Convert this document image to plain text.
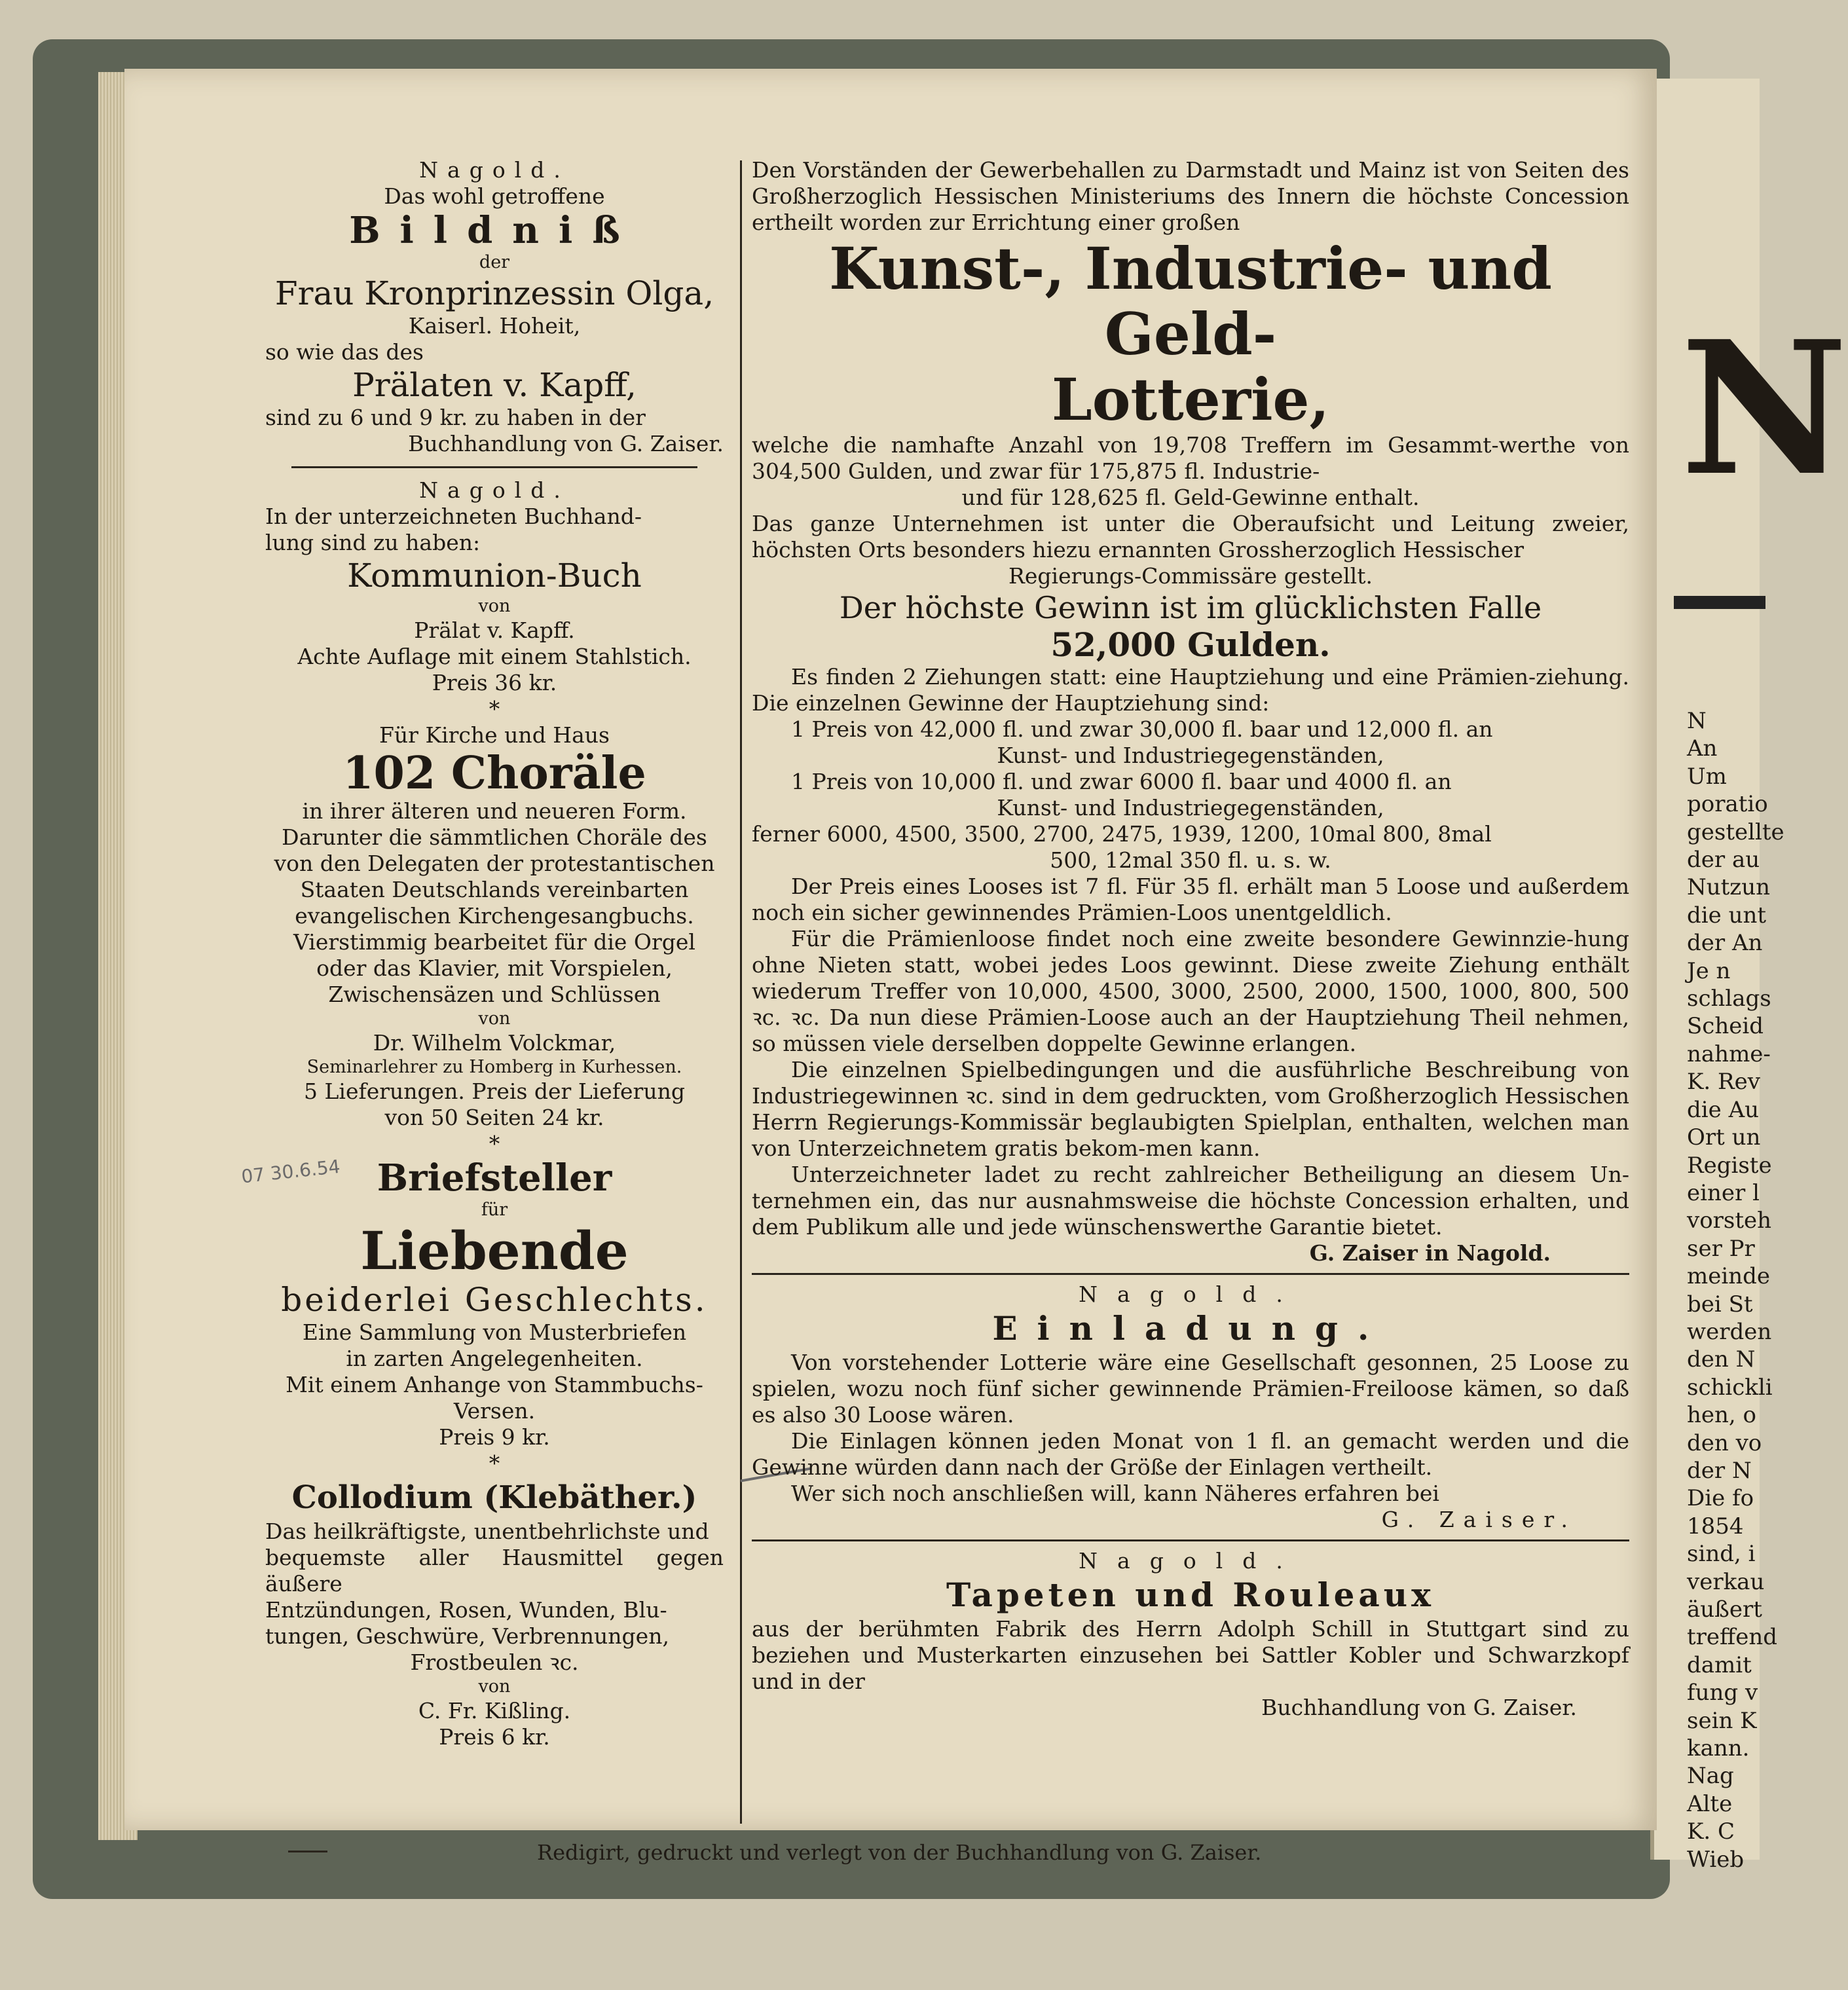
N
N
An
Um
poratio
gestellte
der au
Nutzun
die unt
der An
Je n
schlags
Scheid
nahme-
K. Rev
die Au
Ort un
Registe
einer l
vorsteh
ser Pr
meinde
bei St
werden
den N
schickli
hen, o
den vo
der N
Die fo
1854
sind, i
verkau
äußert
treffend
damit
fung v
sein K
kann.
Nag
Alte
K. C
Wieb

Nagold.

Das wohl getroffene

Bildniß

der

Frau Kronprinzessin Olga,

Kaiserl. Hoheit,

so wie das des

Prälaten v. Kapff,

sind zu 6 und 9 kr. zu haben in der

Buchhandlung von G. Zaiser.

Nagold.

In der unterzeichneten Buchhand-

lung sind zu haben:

Kommunion-Buch

von

Prälat v. Kapff.

Achte Auflage mit einem Stahlstich.

Preis 36 kr.

*

Für Kirche und Haus

102 Choräle

in ihrer älteren und neueren Form.

Darunter die sämmtlichen Choräle des

von den Delegaten der protestantischen

Staaten Deutschlands vereinbarten

evangelischen Kirchengesangbuchs.

Vierstimmig bearbeitet für die Orgel

oder das Klavier, mit Vorspielen,

Zwischensäzen und Schlüssen

von

Dr. Wilhelm Volckmar,

Seminarlehrer zu Homberg in Kurhessen.

5 Lieferungen. Preis der Lieferung

von 50 Seiten 24 kr.

*

Briefsteller

für

Liebende

beiderlei Geschlechts.

Eine Sammlung von Musterbriefen

in zarten Angelegenheiten.

Mit einem Anhange von Stammbuchs-

Versen.

Preis 9 kr.

*

Collodium (Klebäther.)

Das heilkräftigste, unentbehrlichste und

bequemste aller Hausmittel gegen äußere

Entzündungen, Rosen, Wunden, Blu-

tungen, Geschwüre, Verbrennungen,

Frostbeulen ꝛc.

von

C. Fr. Kißling.

Preis 6 kr.

07 30.6.54

Den Vorständen der Gewerbehallen zu Darmstadt und Mainz ist von Seiten des Großherzoglich Hessischen Ministeriums des Innern die höchste Concession ertheilt worden zur Errichtung einer großen

Kunst-, Industrie- und Geld-

Lotterie,

welche die namhafte Anzahl von 19,708 Treffern im Gesammt-werthe von 304,500 Gulden, und zwar für 175,875 fl. Industrie-

und für 128,625 fl. Geld-Gewinne enthalt.

Das ganze Unternehmen ist unter die Oberaufsicht und Leitung zweier, höchsten Orts besonders hiezu ernannten Grossherzoglich Hessischer

Regierungs-Commissäre gestellt.

Der höchste Gewinn ist im glücklichsten Falle

52,000 Gulden.

Es finden 2 Ziehungen statt: eine Hauptziehung und eine Prämien-ziehung. Die einzelnen Gewinne der Hauptziehung sind:

1 Preis von 42,000 fl. und zwar 30,000 fl. baar und 12,000 fl. an

Kunst- und Industriegegenständen,

1 Preis von 10,000 fl. und zwar 6000 fl. baar und 4000 fl. an

Kunst- und Industriegegenständen,

ferner 6000, 4500, 3500, 2700, 2475, 1939, 1200, 10mal 800, 8mal

500, 12mal 350 fl. u. s. w.

Der Preis eines Looses ist 7 fl. Für 35 fl. erhält man 5 Loose und außerdem noch ein sicher gewinnendes Prämien-Loos unentgeldlich.

Für die Prämienloose findet noch eine zweite besondere Gewinnzie-hung ohne Nieten statt, wobei jedes Loos gewinnt. Diese zweite Ziehung enthält wiederum Treffer von 10,000, 4500, 3000, 2500, 2000, 1500, 1000, 800, 500 ꝛc. ꝛc. Da nun diese Prämien-Loose auch an der Hauptziehung Theil nehmen, so müssen viele derselben doppelte Gewinne erlangen.

Die einzelnen Spielbedingungen und die ausführliche Beschreibung von Industriegewinnen ꝛc. sind in dem gedruckten, vom Großherzoglich Hessischen Herrn Regierungs-Kommissär beglaubigten Spielplan, enthalten, welchen man von Unterzeichnetem gratis bekom-men kann.

Unterzeichneter ladet zu recht zahlreicher Betheiligung an diesem Un-ternehmen ein, das nur ausnahmsweise die höchste Concession erhalten, und dem Publikum alle und jede wünschenswerthe Garantie bietet.

G. Zaiser in Nagold.

Nagold.

Einladung.

Von vorstehender Lotterie wäre eine Gesellschaft gesonnen, 25 Loose zu spielen, wozu noch fünf sicher gewinnende Prämien-Freiloose kämen, so daß es also 30 Loose wären.

Die Einlagen können jeden Monat von 1 fl. an gemacht werden und die Gewinne würden dann nach der Größe der Einlagen vertheilt.

Wer sich noch anschließen will, kann Näheres erfahren bei

G. Zaiser.

Nagold.

Tapeten und Rouleaux

aus der berühmten Fabrik des Herrn Adolph Schill in Stuttgart sind zu beziehen und Musterkarten einzusehen bei Sattler Kobler und Schwarzkopf und in der

Buchhandlung von G. Zaiser.

Redigirt, gedruckt und verlegt von der Buchhandlung von G. Zaiser.
